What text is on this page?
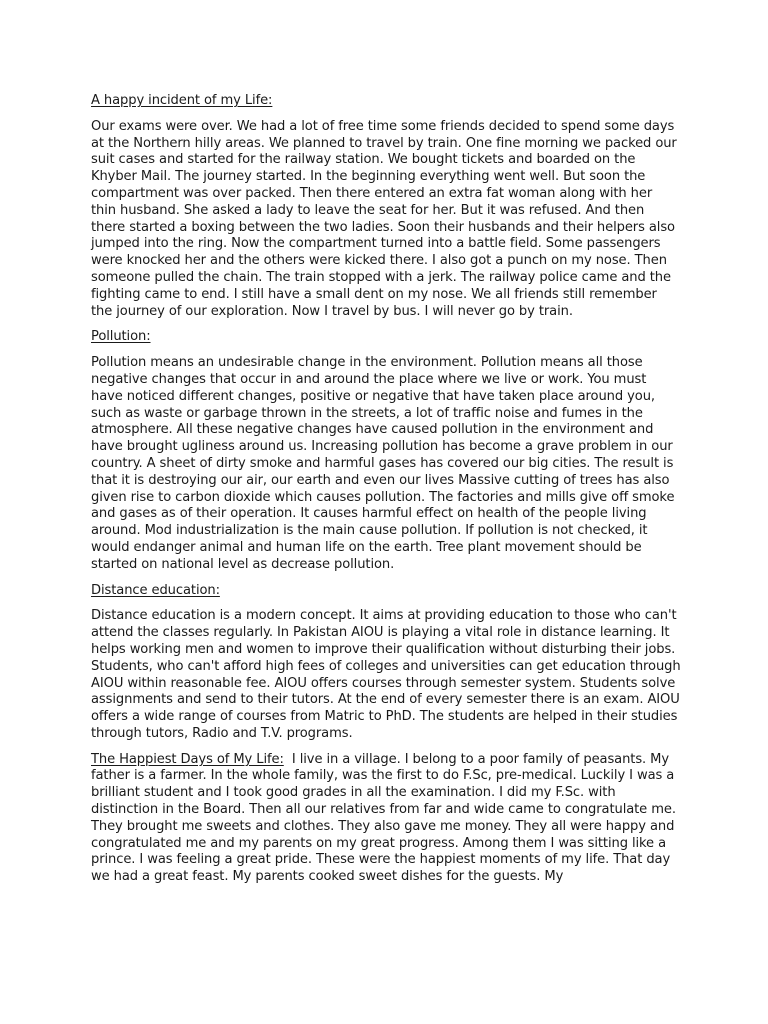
A happy incident of my Life:
Our exams were over. We had a lot of free time some friends decided to spend some days at the Northern hilly areas. We planned to travel by train. One fine morning we packed our suit cases and started for the railway station. We bought tickets and boarded on the Khyber Mail. The journey started. In the beginning everything went well. But soon the compartment was over packed. Then there entered an extra fat woman along with her thin husband. She asked a lady to leave the seat for her. But it was refused. And then there started a boxing between the two ladies. Soon their husbands and their helpers also jumped into the ring. Now the compartment turned into a battle field. Some passengers were knocked her and the others were kicked there. I also got a punch on my nose. Then someone pulled the chain. The train stopped with a jerk. The railway police came and the fighting came to end. I still have a small dent on my nose. We all friends still remember the journey of our exploration. Now I travel by bus. I will never go by train.
Pollution:
Pollution means an undesirable change in the environment. Pollution means all those negative changes that occur in and around the place where we live or work. You must have noticed different changes, positive or negative that have taken place around you, such as waste or garbage thrown in the streets, a lot of traffic noise and fumes in the atmosphere. All these negative changes have caused pollution in the environment and have brought ugliness around us. Increasing pollution has become a grave problem in our country. A sheet of dirty smoke and harmful gases has covered our big cities. The result is that it is destroying our air, our earth and even our lives Massive cutting of trees has also given rise to carbon dioxide which causes pollution. The factories and mills give off smoke and gases as of their operation. It causes harmful effect on health of the people living around. Mod industrialization is the main cause pollution. If pollution is not checked, it would endanger animal and human life on the earth. Tree plant movement should be started on national level as decrease pollution.
Distance education:
Distance education is a modern concept. It aims at providing education to those who can't attend the classes regularly. In Pakistan AIOU is playing a vital role in distance learning. It helps working men and women to improve their qualification without disturbing their jobs. Students, who can't afford high fees of colleges and universities can get education through AIOU within reasonable fee. AIOU offers courses through semester system. Students solve assignments and send to their tutors. At the end of every semester there is an exam. AIOU offers a wide range of courses from Matric to PhD. The students are helped in their studies through tutors, Radio and T.V. programs.
The Happiest Days of My Life: I live in a village. I belong to a poor family of peasants. My father is a farmer. In the whole family, was the first to do F.Sc, pre-medical. Luckily I was a brilliant student and I took good grades in all the examination. I did my F.Sc. with distinction in the Board. Then all our relatives from far and wide came to congratulate me. They brought me sweets and clothes. They also gave me money. They all were happy and congratulated me and my parents on my great progress. Among them I was sitting like a prince. I was feeling a great pride. These were the happiest moments of my life. That day we had a great feast. My parents cooked sweet dishes for the guests. My
